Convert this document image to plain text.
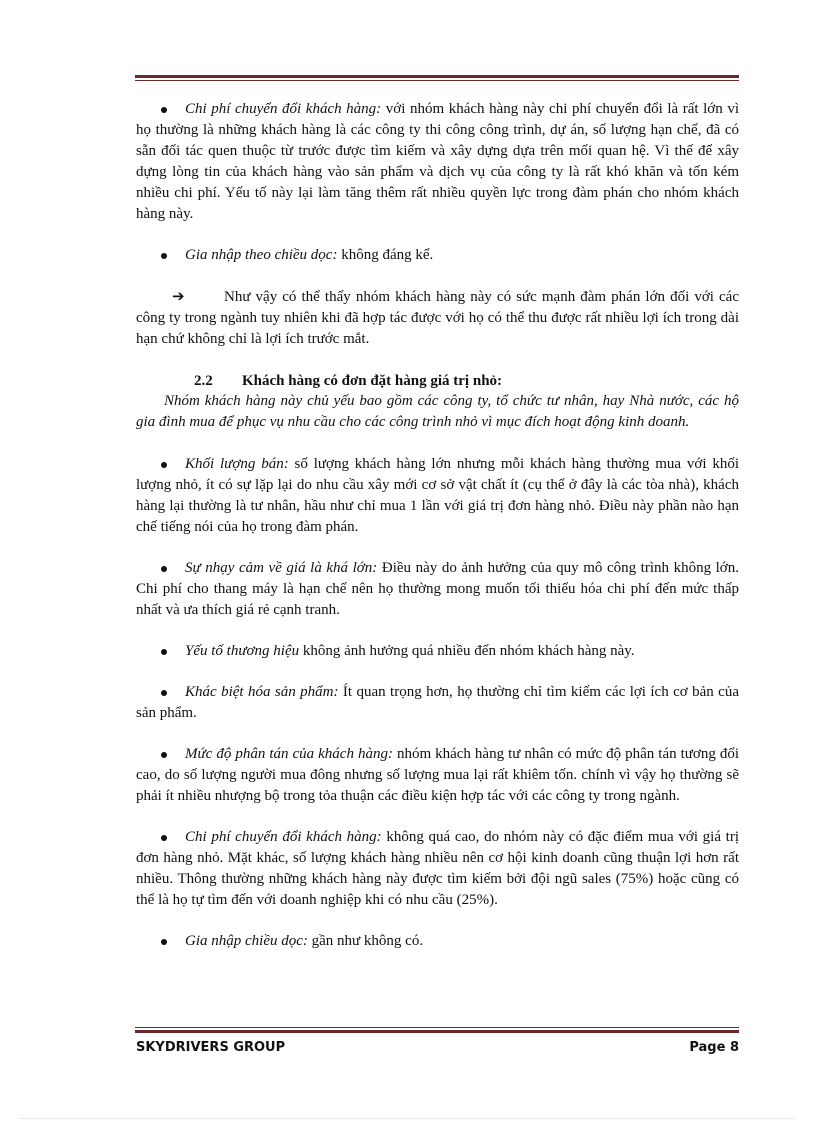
Chi phí chuyển đổi khách hàng: với nhóm khách hàng này chi phí chuyển đổi là rất lớn vì họ thường là những khách hàng là các công ty thi công công trình, dự án, số lượng hạn chế, đã có sẵn đối tác quen thuộc từ trước được tìm kiếm và xây dựng dựa trên mối quan hệ. Vì thế để xây dựng lòng tin của khách hàng vào sản phẩm và dịch vụ của công ty là rất khó khăn và tốn kém nhiều chi phí. Yếu tố này lại làm tăng thêm rất nhiều quyền lực trong đàm phán cho nhóm khách hàng này.

Gia nhập theo chiều dọc: không đáng kể.

➔	Như vậy có thể thấy nhóm khách hàng này có sức mạnh đàm phán lớn đối với các công ty trong ngành tuy nhiên khi đã hợp tác được với họ có thể thu được rất nhiều lợi ích trong dài hạn chứ không chỉ là lợi ích trước mắt.

2.2 Khách hàng có đơn đặt hàng giá trị nhỏ:

Nhóm khách hàng này chủ yếu bao gồm các công ty, tổ chức tư nhân, hay Nhà nước, các hộ gia đình mua để phục vụ nhu cầu cho các công trình nhỏ vì mục đích hoạt động kinh doanh.

Khối lượng bán: số lượng khách hàng lớn nhưng mỗi khách hàng thường mua với khối lượng nhỏ, ít có sự lặp lại do nhu cầu xây mới cơ sở vật chất ít (cụ thể ở đây là các tòa nhà), khách hàng lại thường là tư nhân, hầu như chỉ mua 1 lần với giá trị đơn hàng nhỏ. Điều này phần nào hạn chế tiếng nói của họ trong đàm phán.

Sự nhạy cảm về giá là khá lớn: Điều này do ảnh hưởng của quy mô công trình không lớn. Chi phí cho thang máy là hạn chế nên họ thường mong muốn tối thiểu hóa chi phí đến mức thấp nhất và ưa thích giá rẻ cạnh tranh.

Yếu tố thương hiệu không ảnh hưởng quá nhiều đến nhóm khách hàng này.

Khác biệt hóa sản phẩm: Ít quan trọng hơn, họ thường chỉ tìm kiếm các lợi ích cơ bản của sản phẩm.

Mức độ phân tán của khách hàng: nhóm khách hàng tư nhân có mức độ phân tán tương đối cao, do số lượng người mua đông nhưng số lượng mua lại rất khiêm tốn. chính vì vậy họ thường sẽ phải ít nhiều nhượng bộ trong tỏa thuận các điều kiện hợp tác với các công ty trong ngành.

Chi phí chuyển đổi khách hàng: không quá cao, do nhóm này có đặc điểm mua với giá trị đơn hàng nhỏ. Mặt khác, số lượng khách hàng nhiều nên cơ hội kinh doanh cũng thuận lợi hơn rất nhiều. Thông thường những khách hàng này được tìm kiếm bởi đội ngũ sales (75%) hoặc cũng có thể là họ tự tìm đến với doanh nghiệp khi có nhu cầu (25%).

Gia nhập chiều dọc: gần như không có.

SKYDRIVERS GROUP	Page 8
